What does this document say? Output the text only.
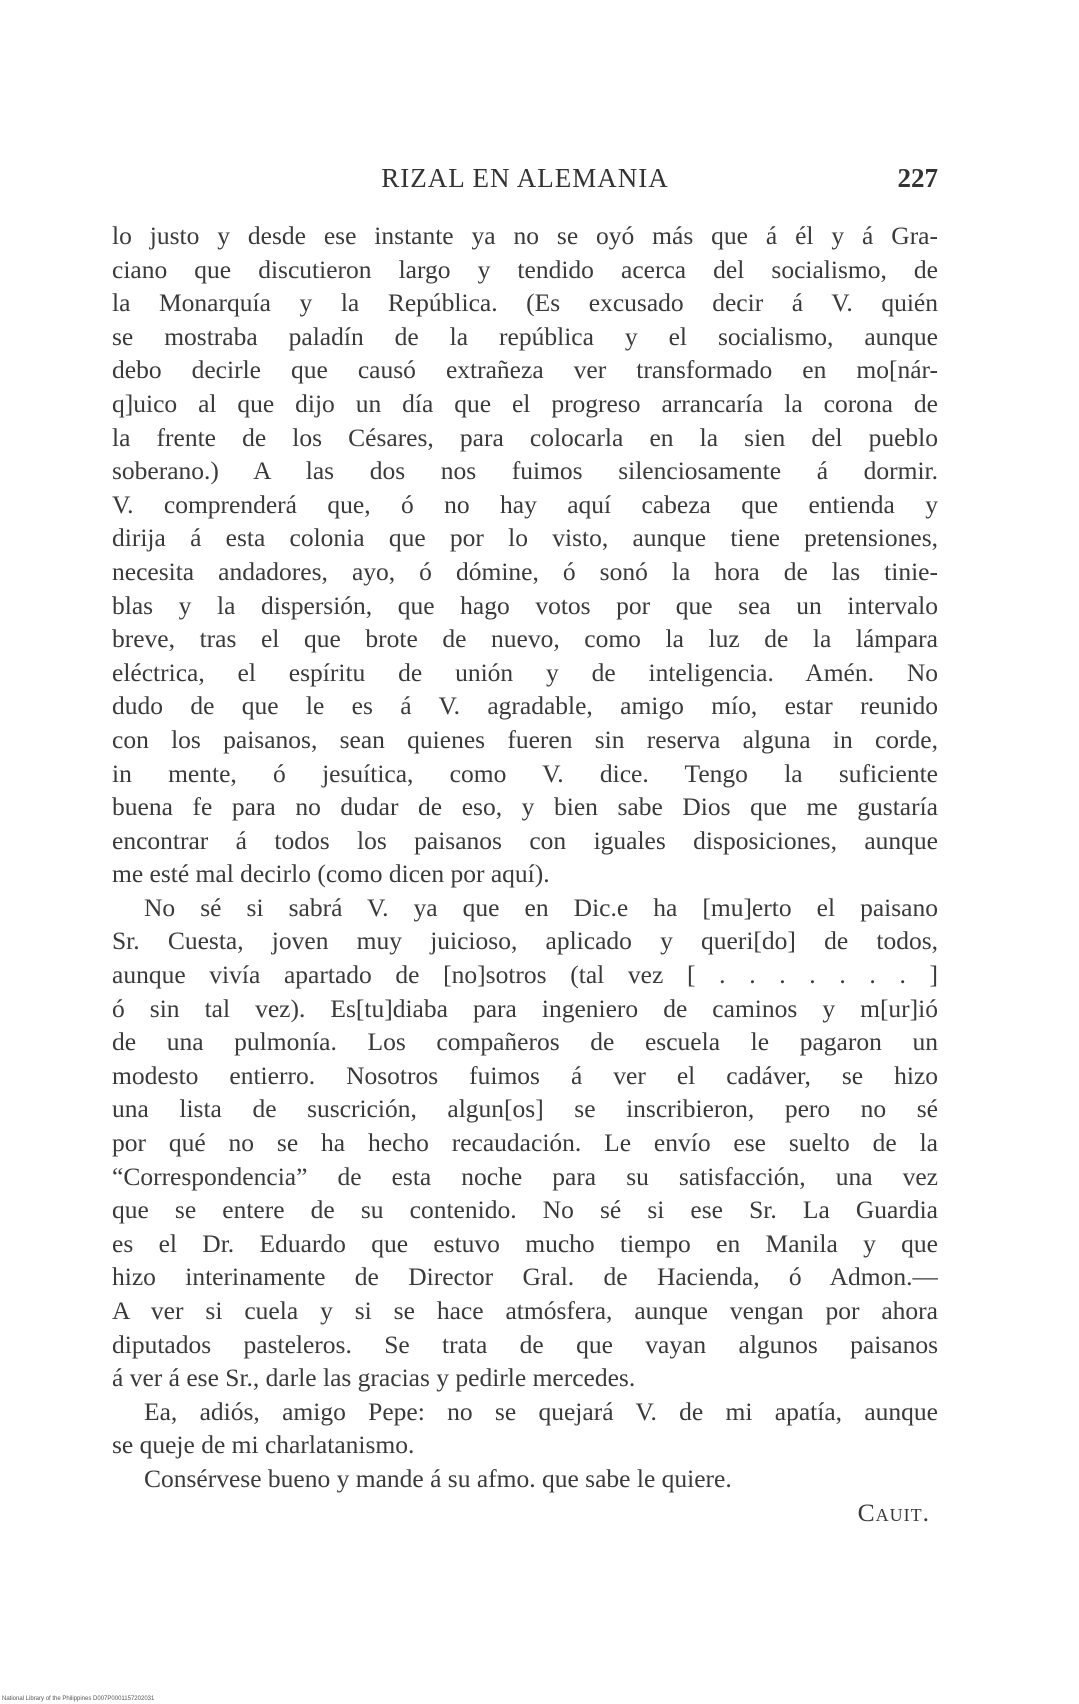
RIZAL EN ALEMANIA	227
lo justo y desde ese instante ya no se oyó más que á él y á Gra-
ciano que discutieron largo y tendido acerca del socialismo, de
la Monarquía y la República. (Es excusado decir á V. quién
se mostraba paladín de la república y el socialismo, aunque
debo decirle que causó extrañeza ver transformado en mo[nár-
q]uico al que dijo un día que el progreso arrancaría la corona de
la frente de los Césares, para colocarla en la sien del pueblo
soberano.) A las dos nos fuimos silenciosamente á dormir.
V. comprenderá que, ó no hay aquí cabeza que entienda y
dirija á esta colonia que por lo visto, aunque tiene pretensiones,
necesita andadores, ayo, ó dómine, ó sonó la hora de las tinie-
blas y la dispersión, que hago votos por que sea un intervalo
breve, tras el que brote de nuevo, como la luz de la lámpara
eléctrica, el espíritu de unión y de inteligencia. Amén. No
dudo de que le es á V. agradable, amigo mío, estar reunido
con los paisanos, sean quienes fueren sin reserva alguna in corde,
in mente, ó jesuítica, como V. dice. Tengo la suficiente
buena fe para no dudar de eso, y bien sabe Dios que me gustaría
encontrar á todos los paisanos con iguales disposiciones, aunque
me esté mal decirlo (como dicen por aquí).
No sé si sabrá V. ya que en Dic.e ha [mu]erto el paisano
Sr. Cuesta, joven muy juicioso, aplicado y queri[do] de todos,
aunque vivía apartado de [no]sotros (tal vez [ . . . . . . . ]
ó sin tal vez). Es[tu]diaba para ingeniero de caminos y m[ur]ió
de una pulmonía. Los compañeros de escuela le pagaron un
modesto entierro. Nosotros fuimos á ver el cadáver, se hizo
una lista de suscrición, algun[os] se inscribieron, pero no sé
por qué no se ha hecho recaudación. Le envío ese suelto de la
“Correspondencia” de esta noche para su satisfacción, una vez
que se entere de su contenido. No sé si ese Sr. La Guardia
es el Dr. Eduardo que estuvo mucho tiempo en Manila y que
hizo interinamente de Director Gral. de Hacienda, ó Admon.—
A ver si cuela y si se hace atmósfera, aunque vengan por ahora
diputados pasteleros. Se trata de que vayan algunos paisanos
á ver á ese Sr., darle las gracias y pedirle mercedes.
Ea, adiós, amigo Pepe: no se quejará V. de mi apatía, aunque
se queje de mi charlatanismo.
Consérvese bueno y mande á su afmo. que sabe le quiere.
Cauit.
National Library of the Philippines D007P0001157202031
